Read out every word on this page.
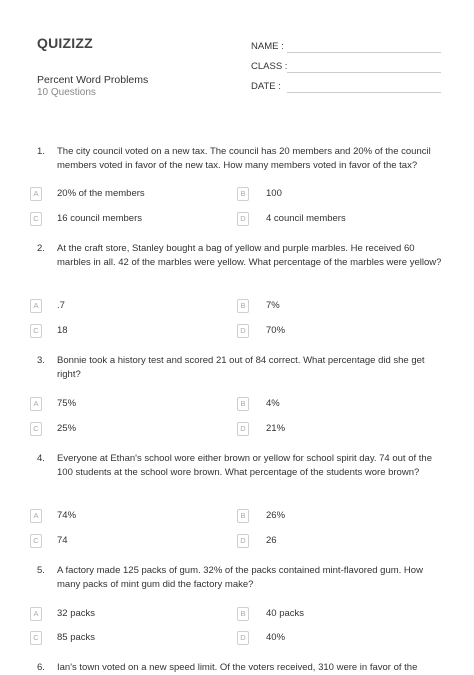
QUIZIZZ
Percent Word Problems
10 Questions
NAME :
CLASS :
DATE :
1. The city council voted on a new tax. The council has 20 members and 20% of the council members voted in favor of the new tax. How many members voted in favor of the tax?
A	20% of the members	B	100
C	16 council members	D	4 council members
2. At the craft store, Stanley bought a bag of yellow and purple marbles. He received 60 marbles in all. 42 of the marbles were yellow. What percentage of the marbles were yellow?
A	.7	B	7%
C	18	D	70%
3. Bonnie took a history test and scored 21 out of 84 correct. What percentage did she get right?
A	75%	B	4%
C	25%	D	21%
4. Everyone at Ethan's school wore either brown or yellow for school spirit day. 74 out of the 100 students at the school wore brown. What percentage of the students wore brown?
A	74%	B	26%
C	74	D	26
5. A factory made 125 packs of gum. 32% of the packs contained mint-flavored gum. How many packs of mint gum did the factory make?
A	32 packs	B	40 packs
C	85 packs	D	40%
6. Ian's town voted on a new speed limit. Of the voters received, 310 were in favor of the
